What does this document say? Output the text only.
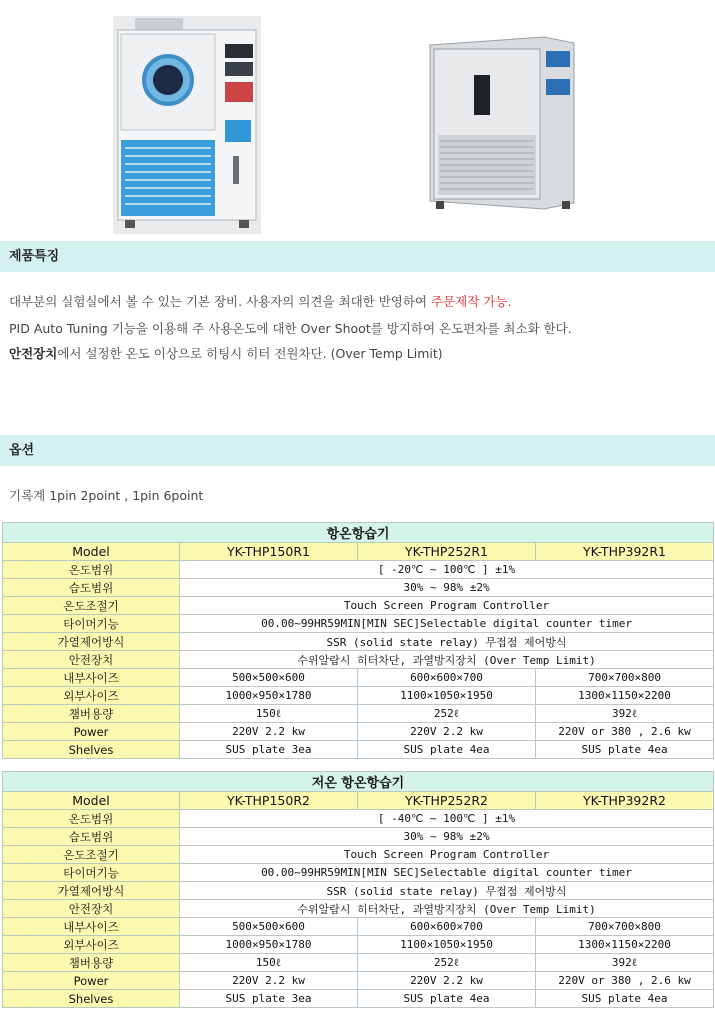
제품특징
대부분의 실험실에서 볼 수 있는 기본 장비. 사용자의 의견을 최대한 반영하여 주문제작 가능.
PID Auto Tuning 기능을 이용해 주 사용온도에 대한 Over Shoot를 방지하여 온도편차를 최소화 한다.
안전장치에서 설정한 온도 이상으로 히팅시 히터 전원차단. (Over Temp Limit)
옵션
기록계 1pin 2point , 1pin 6point
항온항습기			
Model	YK-THP150R1	YK-THP252R1	YK-THP392R1
온도범위	[ -20℃ ~ 100℃ ] ±1%		
습도범위	30% ~ 98% ±2%		
온도조절기	Touch Screen Program Controller		
타이머기능	00.00~99HR59MIN[MIN SEC]Selectable digital counter timer		
가열제어방식	SSR (solid state relay) 무접점 제어방식		
안전장치	수위알람시 히터차단, 과열방지장치 (Over Temp Limit)		
내부사이즈	500×500×600	600×600×700	700×700×800
외부사이즈	1000×950×1780	1100×1050×1950	1300×1150×2200
챔버용량	150ℓ	252ℓ	392ℓ
Power	220V 2.2 kw	220V 2.2 kw	220V or 380 , 2.6 kw
Shelves	SUS plate 3ea	SUS plate 4ea	SUS plate 4ea
저온 항온항습기			
Model	YK-THP150R2	YK-THP252R2	YK-THP392R2
온도범위	[ -40℃ ~ 100℃ ] ±1%		
습도범위	30% ~ 98% ±2%		
온도조절기	Touch Screen Program Controller		
타이머기능	00.00~99HR59MIN[MIN SEC]Selectable digital counter timer		
가열제어방식	SSR (solid state relay) 무접점 제어방식		
안전장치	수위알람시 히터차단, 과열방지장치 (Over Temp Limit)		
내부사이즈	500×500×600	600×600×700	700×700×800
외부사이즈	1000×950×1780	1100×1050×1950	1300×1150×2200
챔버용량	150ℓ	252ℓ	392ℓ
Power	220V 2.2 kw	220V 2.2 kw	220V or 380 , 2.6 kw
Shelves	SUS plate 3ea	SUS plate 4ea	SUS plate 4ea
